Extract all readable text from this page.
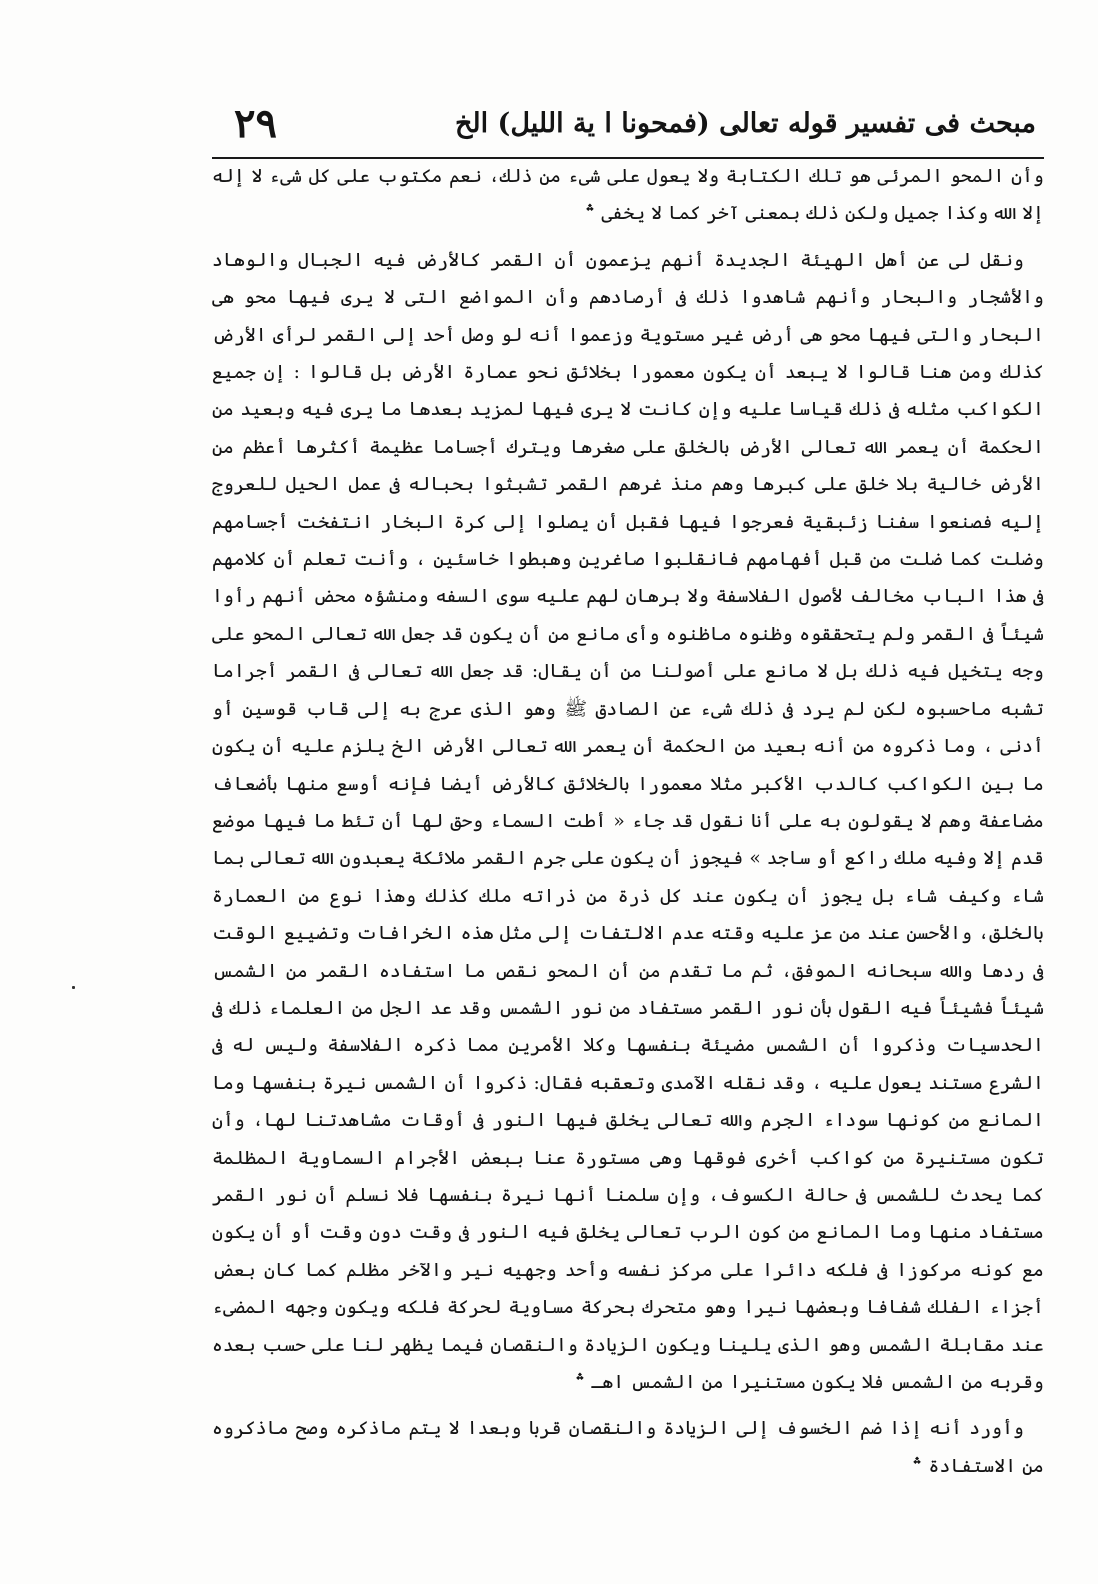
مبحث فى تفسير قوله تعالى (فمحونا ا ية الليل) الخ
٢٩

وأن المحو المرئى هو تلك الكتابة ولا يعول على شىء من ذلك، نعم مكتوب على كل شىء لا إله إلا الله وكذا جميل ولكن ذلك بمعنى آخر كما لا يخفى ؞

ونقل لى عن أهل الهيئة الجديدة أنهم يزعمون أن القمر كالأرض فيه الجبال والوهاد والأشجار والبحار وأنهم شاهدوا ذلك فى أرصادهم وأن المواضع التى لا يرى فيها محو هى البحار والتى فيها محو هى أرض غير مستوية وزعموا أنه لو وصل أحد إلى القمر لرأى الأرض كذلك ومن هنا قالوا لا يبعد أن يكون معمورا بخلائق نحو عمارة الأرض بل قالوا : إن جميع الكواكب مثله فى ذلك قياسا عليه وإن كانت لا يرى فيها لمزيد بعدها ما يرى فيه وبعيد من الحكمة أن يعمر الله تعالى الأرض بالخلق على صغرها ويترك أجساما عظيمة أكثرها أعظم من الأرض خالية بلا خلق على كبرها وهم منذ غرهم القمر تشبثوا بحباله فى عمل الحيل للعروج إليه فصنعوا سفنا زئبقية فعرجوا فيها فقبل أن يصلوا إلى كرة البخار انتفخت أجسامهم وضلت كما ضلت من قبل أفهامهم فانقلبوا صاغرين وهبطوا خاسئين ، وأنت تعلم أن كلامهم فى هذا الباب مخالف لأصول الفلاسفة ولا برهان لهم عليه سوى السفه ومنشؤه محض أنهم رأوا شيئاً فى القمر ولم يتحققوه وظنوه ماظنوه وأى مانع من أن يكون قد جعل الله تعالى المحو على وجه يتخيل فيه ذلك بل لا مانع على أصولنا من أن يقال: قد جعل الله تعالى فى القمر أجراما تشبه ماحسبوه لكن لم يرد فى ذلك شىء عن الصادق ﷺ وهو الذى عرج به إلى قاب قوسين أو أدنى ، وما ذكروه من أنه بعيد من الحكمة أن يعمر الله تعالى الأرض الخ يلزم عليه أن يكون ما بين الكواكب كالدب الأكبر مثلا معمورا بالخلائق كالأرض أيضا فإنه أوسع منها بأضعاف مضاعفة وهم لا يقولون به على أنا نقول قد جاء « أطت السماء وحق لها أن تئط ما فيها موضع قدم إلا وفيه ملك راكع أو ساجد » فيجوز أن يكون على جرم القمر ملائكة يعبدون الله تعالى بما شاء وكيف شاء بل يجوز أن يكون عند كل ذرة من ذراته ملك كذلك وهذا نوع من العمارة بالخلق، والأحسن عند من عز عليه وقته عدم الالتفات إلى مثل هذه الخرافات وتضييع الوقت فى ردها والله سبحانه الموفق، ثم ما تقدم من أن المحو نقص ما استفاده القمر من الشمس شيئاً فشيئاً فيه القول بأن نور القمر مستفاد من نور الشمس وقد عد الجل من العلماء ذلك فى الحدسيات وذكروا أن الشمس مضيئة بنفسها وكلا الأمرين مما ذكره الفلاسفة وليس له فى الشرع مستند يعول عليه ، وقد نقله الآمدى وتعقبه فقال: ذكروا أن الشمس نيرة بنفسها وما المانع من كونها سوداء الجرم والله تعالى يخلق فيها النور فى أوقات مشاهدتنا لها، وأن تكون مستنيرة من كواكب أخرى فوقها وهى مستورة عنا ببعض الأجرام السماوية المظلمة كما يحدث للشمس فى حالة الكسوف، وإن سلمنا أنها نيرة بنفسها فلا نسلم أن نور القمر مستفاد منها وما المانع من كون الرب تعالى يخلق فيه النور فى وقت دون وقت أو أن يكون مع كونه مركوزا فى فلكه دائرا على مركز نفسه وأحد وجهيه نير والآخر مظلم كما كان بعض أجزاء الفلك شفافا وبعضها نيرا وهو متحرك بحركة مساوية لحركة فلكه ويكون وجهه المضىء عند مقابلة الشمس وهو الذى يلينا ويكون الزيادة والنقصان فيما يظهر لنا على حسب بعده وقربه من الشمس فلا يكون مستنيرا من الشمس اهـ ؞

وأورد أنه إذا ضم الخسوف إلى الزيادة والنقصان قربا وبعدا لا يتم ماذكره وصح ماذكروه من الاستفادة ؞
